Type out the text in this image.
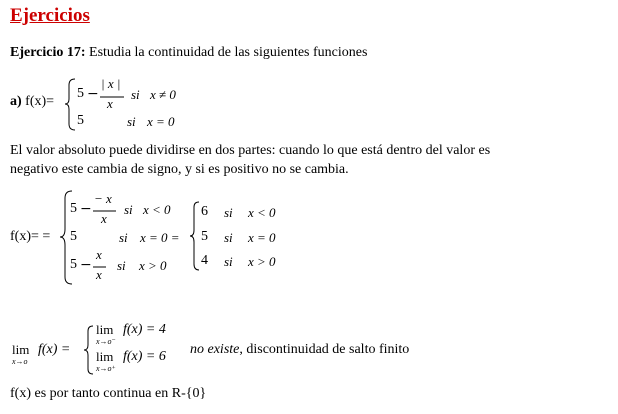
Ejercicios
Ejercicio 17: Estudia la continuidad de las siguientes funciones
a) f(x)=
5 −
| x |
x
si x ≠ 0
5	si x = 0
El valor absoluto puede dividirse en dos partes: cuando lo que está dentro del valor es
negativo este cambia de signo, y si es positivo no se cambia.
f(x)= =
5 −
− x
x
si x < 0
5	si x = 0 =
5 −
x
x
si x > 0
6 si x < 0
5 si x = 0
4 si x > 0
lim
x→o
f(x) =
lim
x→o⁻
f(x) = 4
lim
x→o⁺
f(x) = 6 no existe, discontinuidad de salto finito
f(x) es por tanto continua en R-{0}
